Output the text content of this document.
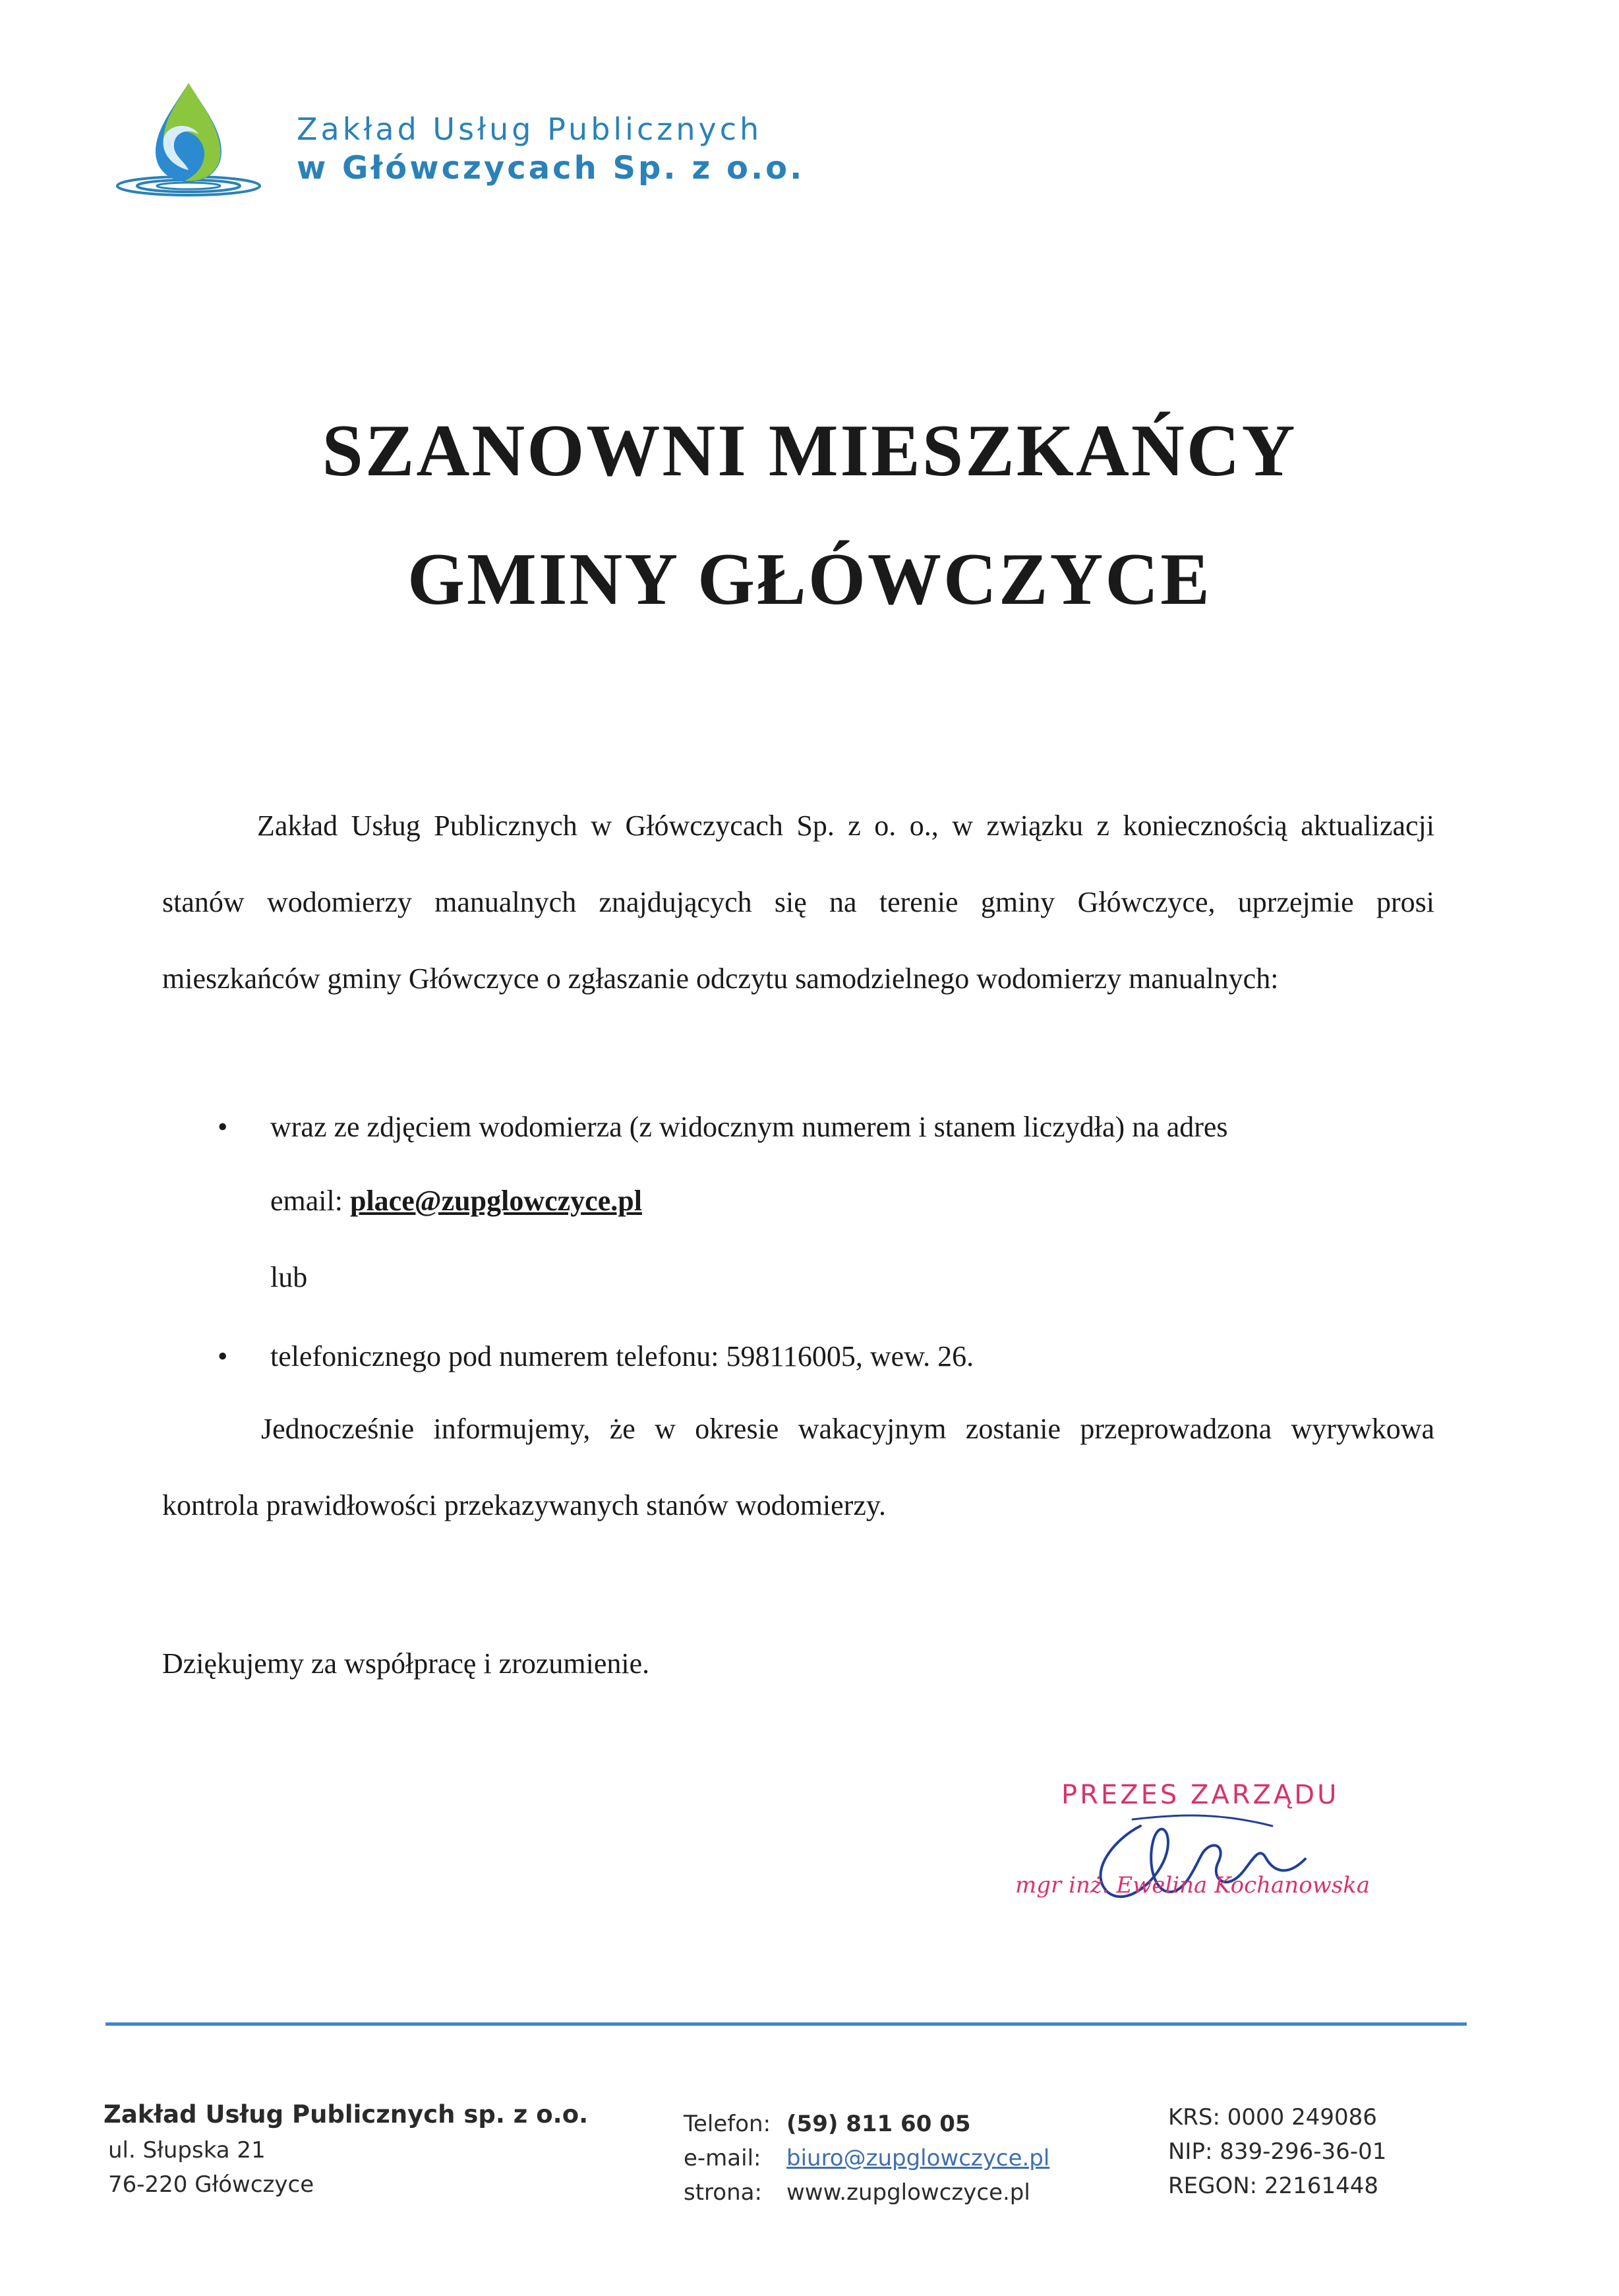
Zakład Usług Publicznych
w Główczycach Sp. z o.o.
SZANOWNI MIESZKAŃCY
GMINY GŁÓWCZYCE
Zakład Usług Publicznych w Główczycach Sp. z o. o., w związku z koniecznością aktualizacji stanów wodomierzy manualnych znajdujących się na terenie gminy Główczyce, uprzejmie prosi mieszkańców gminy Główczyce o zgłaszanie odczytu samodzielnego wodomierzy manualnych:
• wraz ze zdjęciem wodomierza (z widocznym numerem i stanem liczydła) na adres
email: place@zupglowczyce.pl
lub
• telefonicznego pod numerem telefonu: 598116005, wew. 26.
Jednocześnie informujemy, że w okresie wakacyjnym zostanie przeprowadzona wyrywkowa kontrola prawidłowości przekazywanych stanów wodomierzy.
Dziękujemy za współpracę i zrozumienie.
PREZES ZARZĄDU
mgr inż. Ewelina Kochanowska
Zakład Usług Publicznych sp. z o.o.
ul. Słupska 21
76-220 Główczyce
Telefon: (59) 811 60 05
e-mail:	biuro@zupglowczyce.pl
strona:	www.zupglowczyce.pl
KRS: 0000 249086
NIP: 839-296-36-01
REGON: 22161448
